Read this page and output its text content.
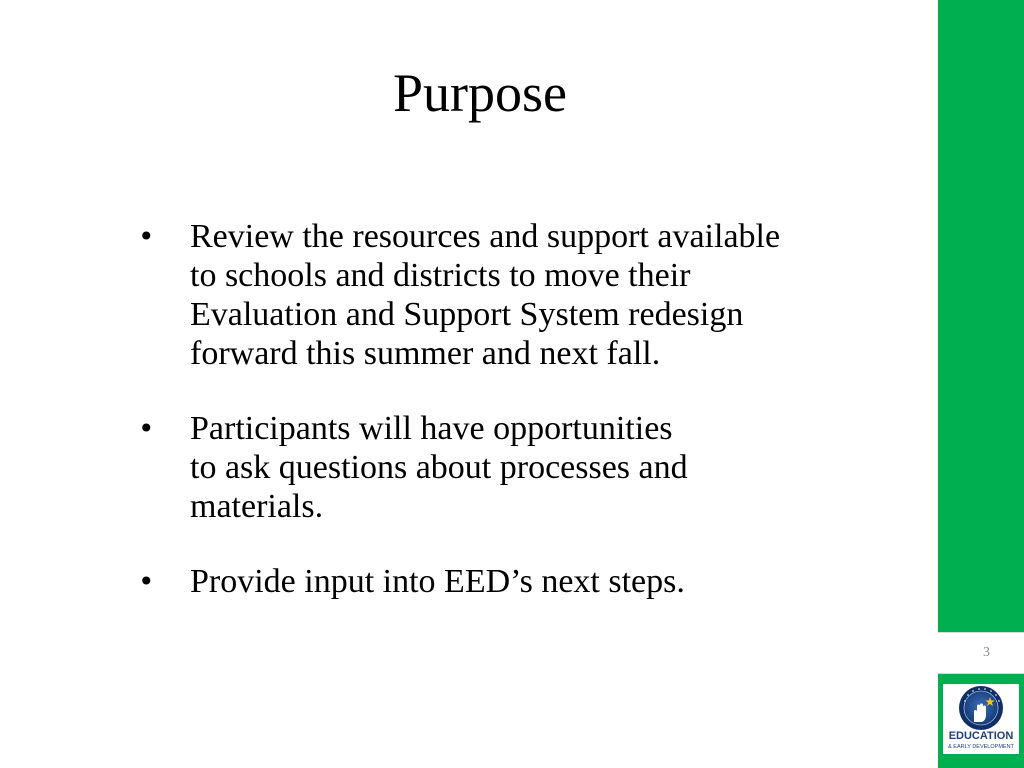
Purpose
•	Review the resources and support available
to schools and districts to move their
Evaluation and Support System redesign
forward this summer and next fall.
•	Participants will have opportunities
to ask questions about processes and
materials.
•	Provide input into EED’s next steps.
3
EDUCATION
& EARLY DEVELOPMENT
